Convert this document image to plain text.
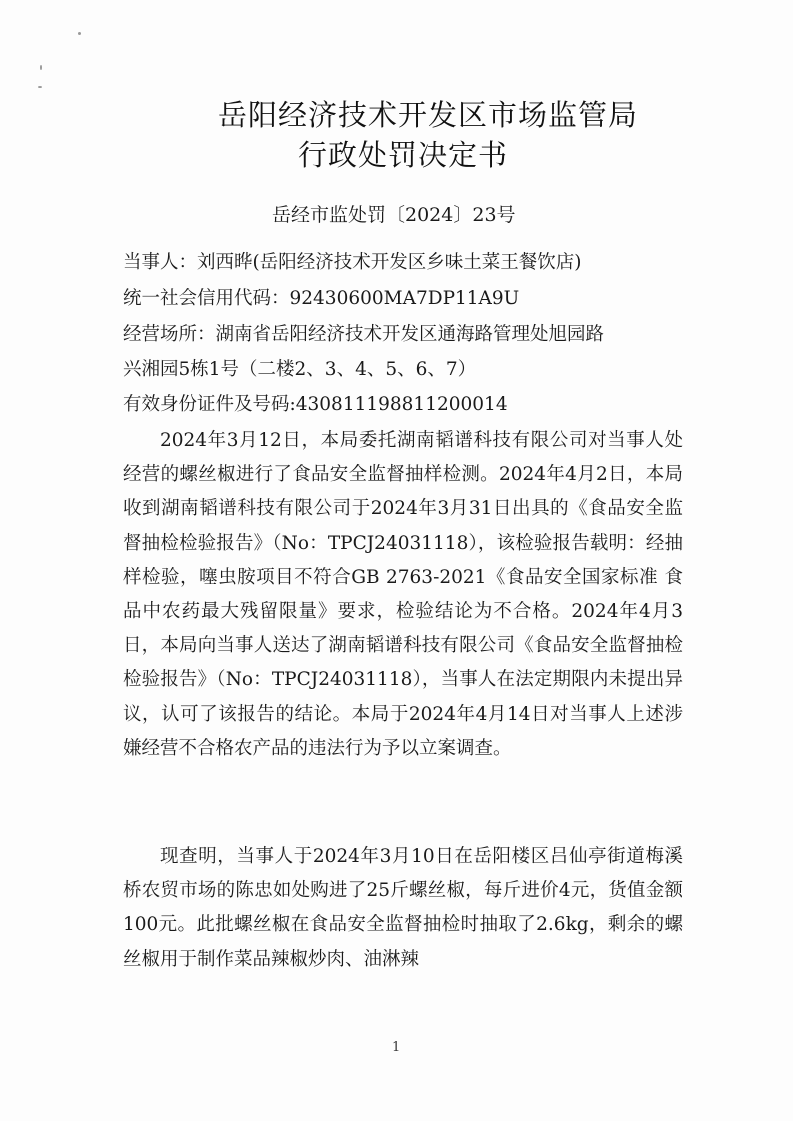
岳阳经济技术开发区市场监管局
行政处罚决定书
岳经市监处罚〔2024〕23号
当事人：刘西晔(岳阳经济技术开发区乡味土菜王餐饮店)
统一社会信用代码：92430600MA7DP11A9U
经营场所：湖南省岳阳经济技术开发区通海路管理处旭园路
兴湘园5栋1号（二楼2、3、4、5、6、7）
有效身份证件及号码:430811198811200014
2024年3月12日，本局委托湖南韬谱科技有限公司对当事人处经营的螺丝椒进行了食品安全监督抽样检测。2024年4月2日，本局收到湖南韬谱科技有限公司于2024年3月31日出具的《食品安全监督抽检检验报告》（No：TPCJ24031118），该检验报告载明：经抽样检验，噻虫胺项目不符合GB 2763-2021《食品安全国家标准 食品中农药最大残留限量》要求，检验结论为不合格。2024年4月3日，本局向当事人送达了湖南韬谱科技有限公司《食品安全监督抽检检验报告》（No：TPCJ24031118），当事人在法定期限内未提出异议，认可了该报告的结论。本局于2024年4月14日对当事人上述涉嫌经营不合格农产品的违法行为予以立案调查。
现查明，当事人于2024年3月10日在岳阳楼区吕仙亭街道梅溪桥农贸市场的陈忠如处购进了25斤螺丝椒，每斤进价4元，货值金额100元。此批螺丝椒在食品安全监督抽检时抽取了2.6kg，剩余的螺丝椒用于制作菜品辣椒炒肉、油淋辣
1
